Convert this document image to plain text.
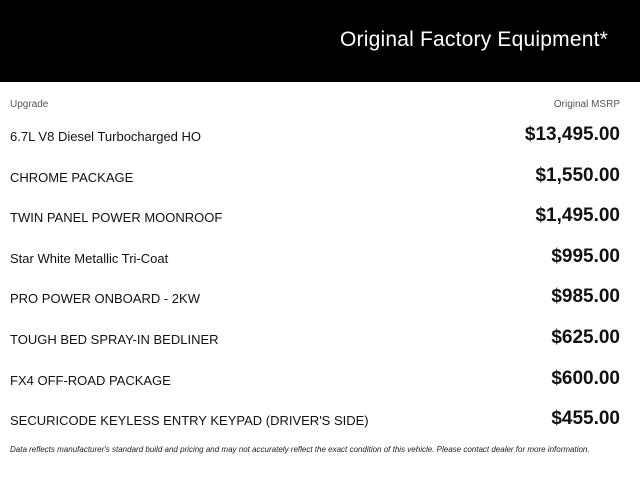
Original Factory Equipment*
Upgrade	Original MSRP
6.7L V8 Diesel Turbocharged HO	$13,495.00
CHROME PACKAGE	$1,550.00
TWIN PANEL POWER MOONROOF	$1,495.00
Star White Metallic Tri-Coat	$995.00
PRO POWER ONBOARD - 2KW	$985.00
TOUGH BED SPRAY-IN BEDLINER	$625.00
FX4 OFF-ROAD PACKAGE	$600.00
SECURICODE KEYLESS ENTRY KEYPAD (DRIVER'S SIDE)	$455.00
Data reflects manufacturer's standard build and pricing and may not accurately reflect the exact condition of this vehicle. Please contact dealer for more information.
